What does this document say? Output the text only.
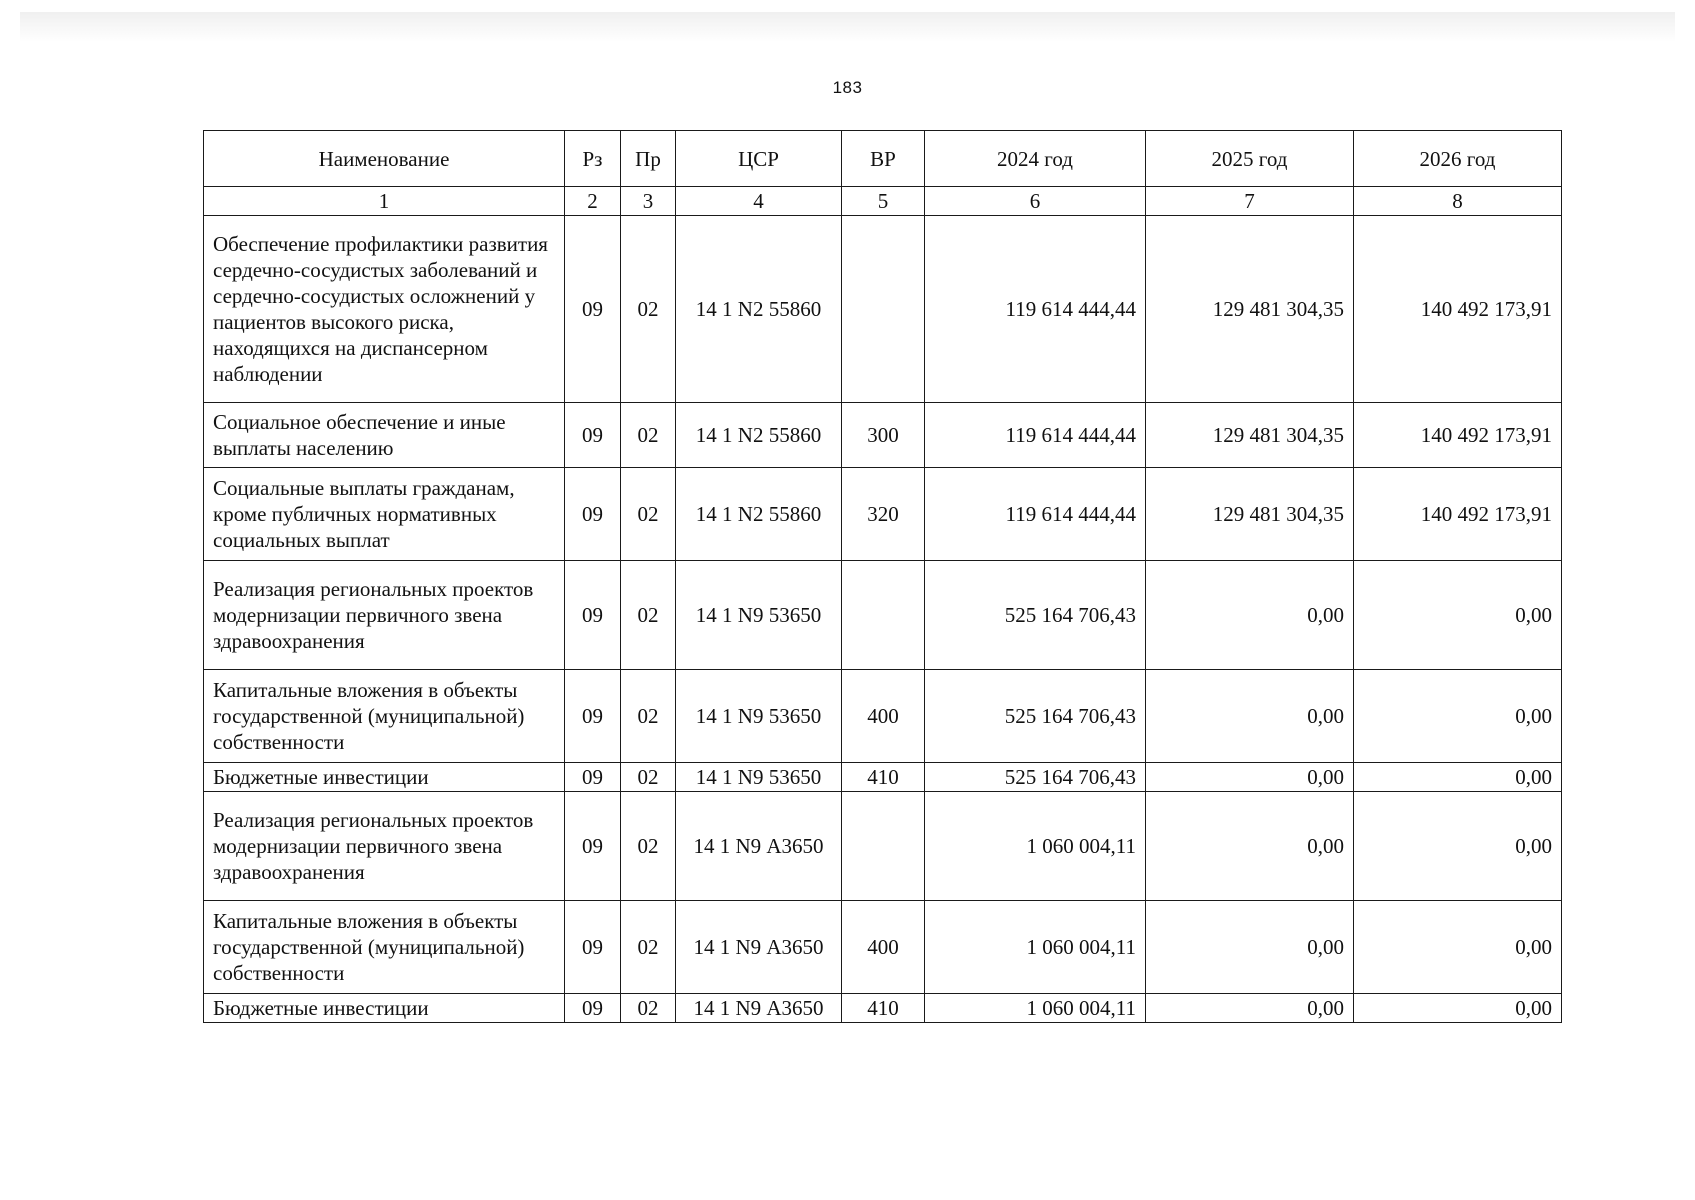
183
Наименование	Рз	Пр	ЦСР	ВР	2024 год	2025 год	2026 год
1	2	3	4	5	6	7	8
Обеспечение профилактики развития сердечно-сосудистых заболеваний и сердечно-сосудистых осложнений у пациентов высокого риска, находящихся на диспансерном наблюдении	09	02	14 1 N2 55860		119 614 444,44	129 481 304,35	140 492 173,91
Социальное обеспечение и иные выплаты населению	09	02	14 1 N2 55860	300	119 614 444,44	129 481 304,35	140 492 173,91
Социальные выплаты гражданам, кроме публичных нормативных социальных выплат	09	02	14 1 N2 55860	320	119 614 444,44	129 481 304,35	140 492 173,91
Реализация региональных проектов модернизации первичного звена здравоохранения	09	02	14 1 N9 53650		525 164 706,43	0,00	0,00
Капитальные вложения в объекты государственной (муниципальной) собственности	09	02	14 1 N9 53650	400	525 164 706,43	0,00	0,00
Бюджетные инвестиции	09	02	14 1 N9 53650	410	525 164 706,43	0,00	0,00
Реализация региональных проектов модернизации первичного звена здравоохранения	09	02	14 1 N9 А3650		1 060 004,11	0,00	0,00
Капитальные вложения в объекты государственной (муниципальной) собственности	09	02	14 1 N9 А3650	400	1 060 004,11	0,00	0,00
Бюджетные инвестиции	09	02	14 1 N9 А3650	410	1 060 004,11	0,00	0,00
